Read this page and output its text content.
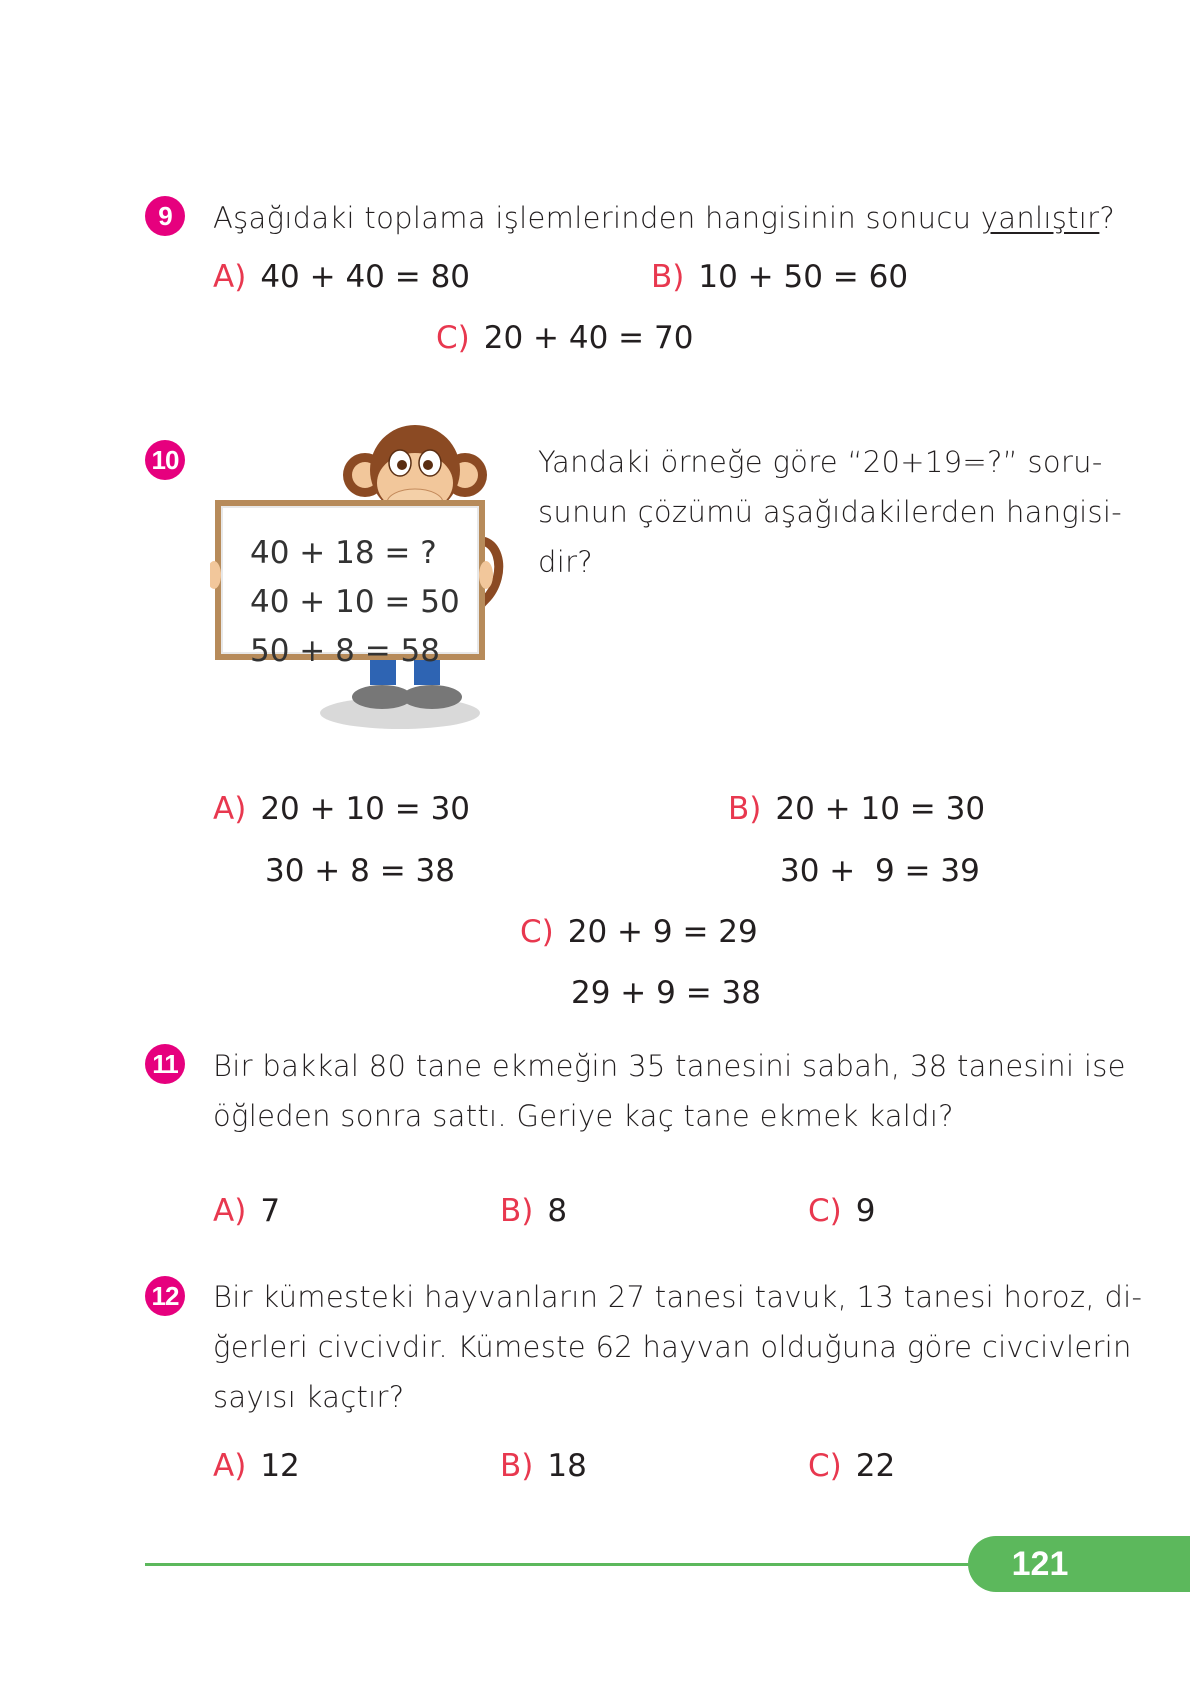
9	Aşağıdaki toplama işlemlerinden hangisinin sonucu yanlıştır?
A) 40 + 40 = 80	B) 10 + 50 = 60
C) 20 + 40 = 70
10
40 + 18 = ?
40 + 10 = 50
50 + 8 = 58
Yandaki örneğe göre “20+19=?” soru-
sunun çözümü aşağıdakilerden hangisi-
dir?
A) 20 + 10 = 30
30 + 8 = 38
B) 20 + 10 = 30
30 +  9 = 39
C) 20 + 9 = 29
29 + 9 = 38
11 Bir bakkal 80 tane ekmeğin 35 tanesini sabah, 38 tanesini ise
öğleden sonra sattı. Geriye kaç tane ekmek kaldı?
A) 7	B) 8	C) 9
12 Bir kümesteki hayvanların 27 tanesi tavuk, 13 tanesi horoz, di-
ğerleri civcivdir. Kümeste 62 hayvan olduğuna göre civcivlerin
sayısı kaçtır?
A) 12	B) 18	C) 22
121
